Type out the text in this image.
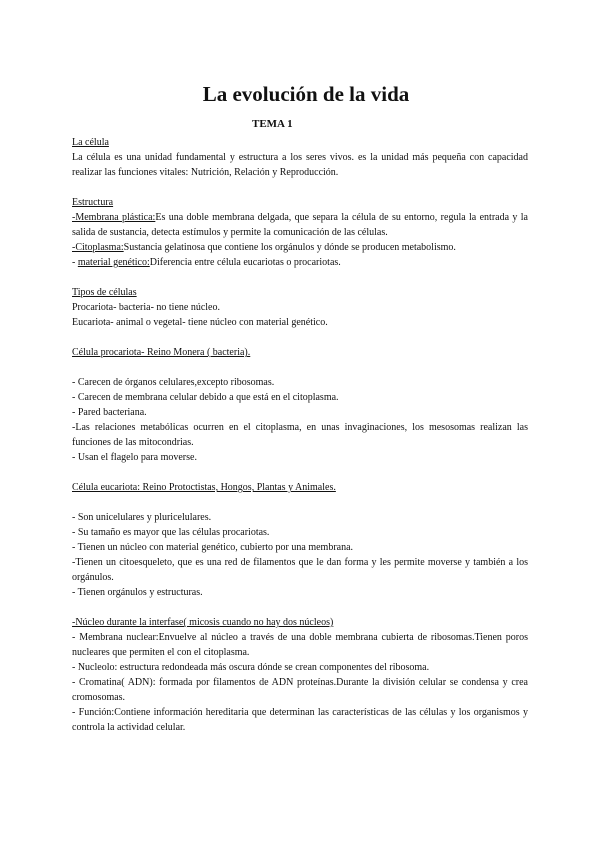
La evolución de la vida
TEMA 1

La célula

La célula es una unidad fundamental y estructura a los seres vivos. es la unidad más pequeña con capacidad realizar las funciones vitales: Nutrición, Relación y Reproducción.

Estructura

-Membrana plástica:Es una doble membrana delgada, que separa la célula de su entorno, regula la entrada y la salida de sustancia, detecta estímulos y permite la comunicación de las células.

-Citoplasma:Sustancia gelatinosa que contiene los orgánulos y dónde se producen metabolismo.

- material genético:Diferencia entre célula eucariotas o procariotas.

Tipos de células

Procariota- bacteria- no tiene núcleo.

Eucariota- animal o vegetal- tiene núcleo con material genético.

Célula procariota- Reino Monera ( bacteria).

- Carecen de órganos celulares,excepto ribosomas.

- Carecen de membrana celular debido a que está en el citoplasma.

- Pared bacteriana.

-Las relaciones metabólicas ocurren en el citoplasma, en unas invaginaciones, los mesosomas realizan las funciones de las mitocondrias.

- Usan el flagelo para moverse.

Célula eucariota: Reino Protoctistas, Hongos, Plantas y Animales.

- Son unicelulares y pluricelulares.

- Su tamaño es mayor que las células procariotas.

- Tienen un núcleo con material genético, cubierto por una membrana.

-Tienen un citoesqueleto, que es una red de filamentos que le dan forma y les permite moverse y también a los orgánulos.

- Tienen orgánulos y estructuras.

-Núcleo durante la interfase( micosis cuando no hay dos núcleos)

- Membrana nuclear:Envuelve al núcleo a través de una doble membrana cubierta de ribosomas.Tienen poros nucleares que permiten el con el citoplasma.

- Nucleolo: estructura redondeada más oscura dónde se crean componentes del ribosoma.

- Cromatina( ADN): formada por filamentos de ADN proteínas.Durante la división celular se condensa y crea cromosomas.

- Función:Contiene información hereditaria que determinan las características de las células y los organismos y controla la actividad celular.
